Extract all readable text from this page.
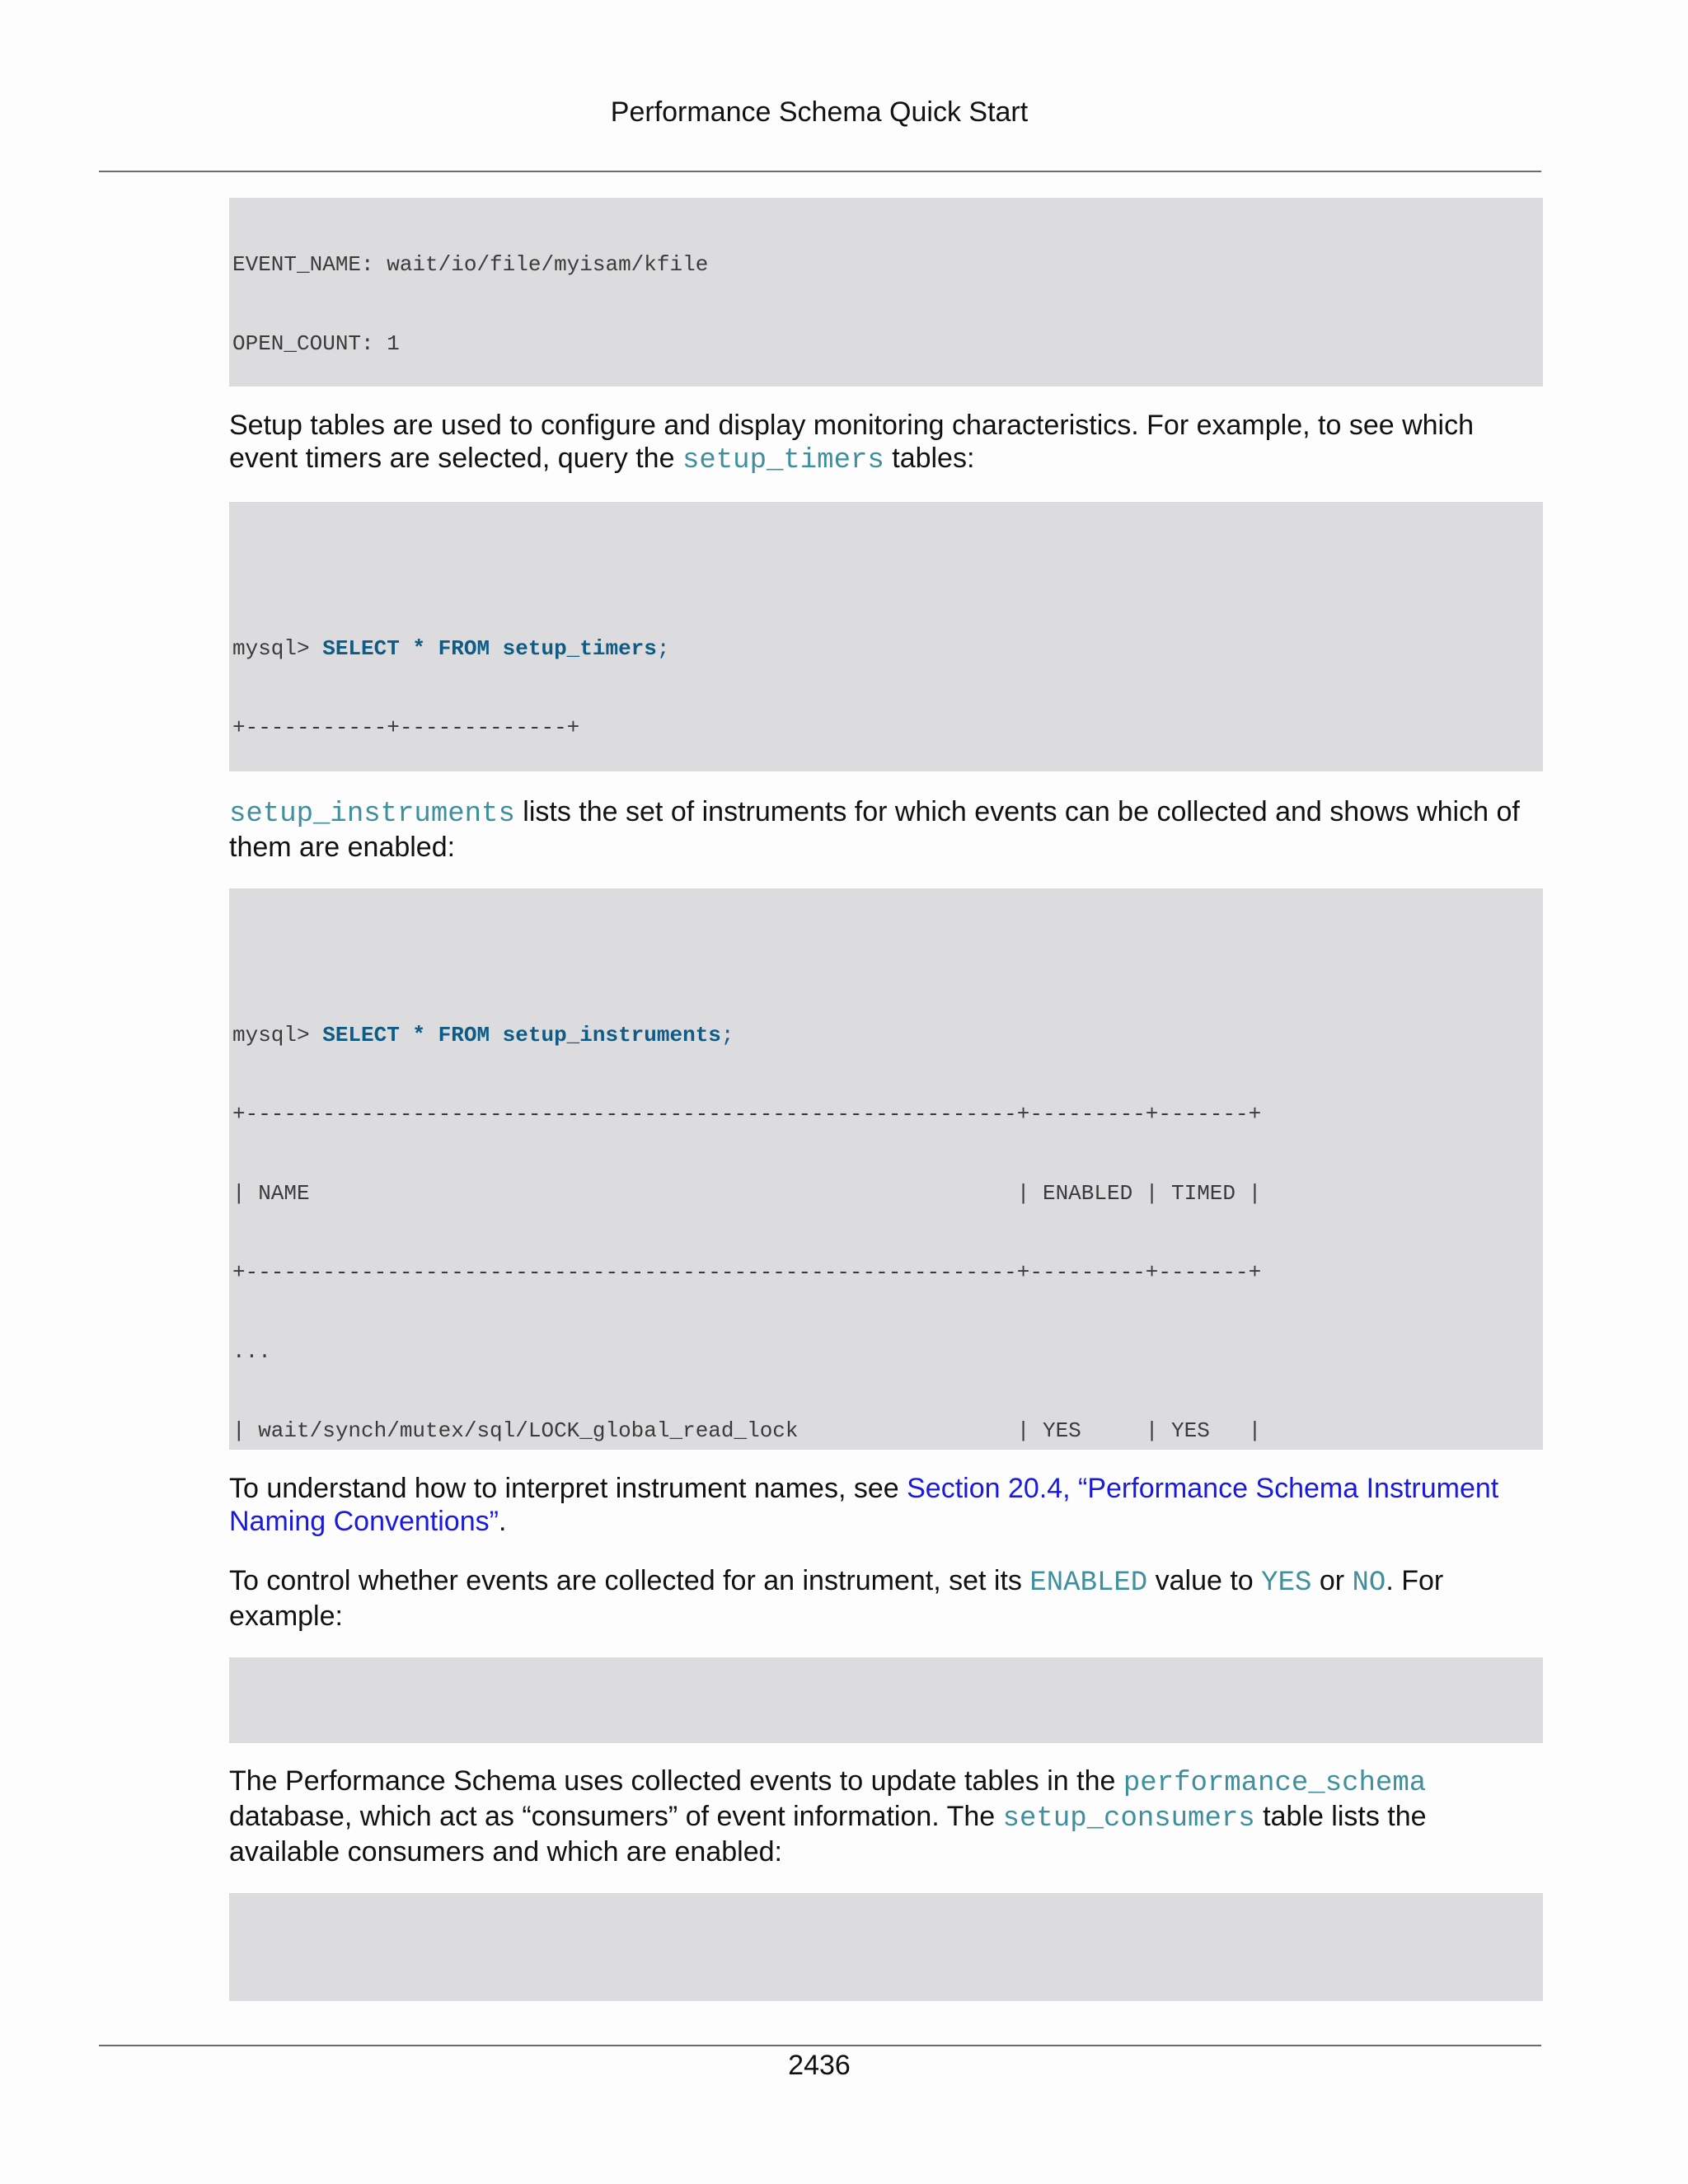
Performance Schema Quick Start

EVENT_NAME: wait/io/file/myisam/kfile

OPEN_COUNT: 1

Setup tables are used to configure and display monitoring characteristics. For example, to see which event timers are selected, query the setup_timers tables:

mysql> SELECT * FROM setup_timers;

+-----------+-------------+

setup_instruments lists the set of instruments for which events can be collected and shows which of them are enabled:

mysql> SELECT * FROM setup_instruments;

+------------------------------------------------------------+---------+-------+

| NAME                                                       | ENABLED | TIMED |

+------------------------------------------------------------+---------+-------+

...

| wait/synch/mutex/sql/LOCK_global_read_lock                 | YES     | YES   |

To understand how to interpret instrument names, see Section 20.4, “Performance Schema Instrument Naming Conventions”.

To control whether events are collected for an instrument, set its ENABLED value to YES or NO. For example:

The Performance Schema uses collected events to update tables in the performance_schema database, which act as “consumers” of event information. The setup_consumers table lists the available consumers and which are enabled:

2436
